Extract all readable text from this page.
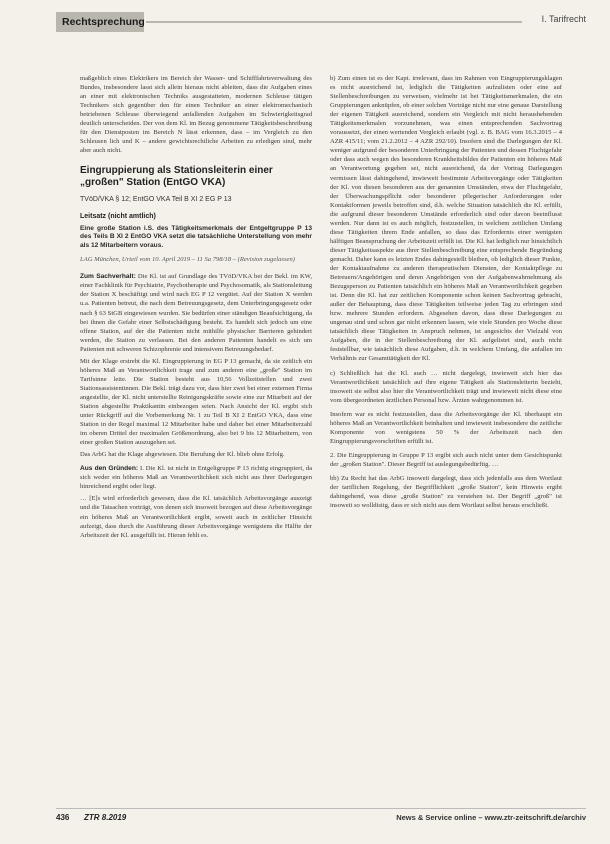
Rechtsprechung	I. Tarifrecht

maßgeblich eines Elektrikers im Bereich der Wasser- und Schifffahrtsverwaltung des Bundes, insbesondere lasst sich allein hieraus nicht ableiten, dass die Aufgaben eines an einer mit elektronischen Techniks ausgestatteten, modernen Schleuse tätigen Technikers sich gegenüber den für einen Techniker an einer elektromechanisch betriebenen Schleuse überwiegend anfallenden Aufgaben im Schwierigkeitsgrad deutlich unterscheiden. Der von dem Kl. im Bezug genommene Tätigkeitsbeschreibung für den Dienstposten im Bereich N lässt erkennen, dass – im Vergleich zu den Schleusen lich und K – andere gewichtsrechtliche Arbeiten zu erledigen sind, mehr aber auch nicht.

Eingruppierung als Stationsleiterin einer „großen" Station (EntGO VKA)
TVöD/VKA § 12; EntGO VKA Teil B XI 2 EG P 13
Leitsatz (nicht amtlich)
Eine große Station i.S. des Tätigkeitsmerkmals der Entgeltgruppe P 13 des Teils B XI 2 EntGO VKA setzt die tatsächliche Unterstellung von mehr als 12 Mitarbeitern voraus.
LAG München, Urteil vom 10. April 2019 – 11 Sa 798/18 – (Revision zugelassen)

Zum Sachverhalt: Die Kl. ist auf Grundlage des TVöD/VKA bei der Bekl. im KW, einer Fachklinik für Psychiatrie, Psychotherapie und Psychosomatik, als Stationsleitung der Station X beschäftigt und wird nach EG P 12 vergütet. Auf der Station X werden u.a. Patienten betreut, die nach dem Betreuungsgesetz, dem Unterbringungsgesetz oder nach § 63 StGB eingewiesen wurden. Sie bedürfen einer ständigen Beaufsichtigung, da bei ihnen die Gefahr einer Selbstschädigung besteht. Es handelt sich jedoch um eine offene Station, auf der die Patienten nicht mithilfe physischer Barrieren gehindert werden, die Station zu verlassen. Bei den anderen Patienten handelt es sich um Patienten mit schweren Schizophrenie und intensivem Betreuungsbedarf.

Mit der Klage erstrebt die Kl. Eingruppierung in EG P 13 gemacht, da sie zeitlich ein höheres Maß an Verantwortlichkeit trage und zum anderen eine „große" Station im Tarifsinne leite. Die Station besteht aus 10,56 Vollzeitstellen und zwei Stationsassistentinnen. Die Bekl. trägt dazu vor, dass hier zwei bei einer externen Firma angestellte, der Kl. nicht unterstellte Reinigungskräfte sowie eine zur Mitarbeit auf der Station abgestellte Praktikantin einbezogen seien. Nach Ansicht der Kl. ergibt sich unter Rückgriff auf die Vorbemerkung Nr. 1 zu Teil B XI 2 EntGO VKA, dass eine Station in der Regel maximal 12 Mitarbeiter habe und daher bei einer Mitarbeiterzahl im oberen Drittel der maximalen Größenordnung, also bei 9 bis 12 Mitarbeitern, von einer großen Station auszugehen sei.

Das ArbG hat die Klage abgewiesen. Die Berufung der Kl. blieb ohne Erfolg.

Aus den Gründen: I. Die Kl. ist nicht in Entgeltgruppe P 13 richtig eingruppiert, da sich weder ein höheres Maß an Verantwortlichkeit sich nicht aus ihrer Darlegungen hinreichend ergibt oder liegt.

… [E]s wird erforderlich gewesen, dass die Kl. tatsächlich Arbeitsvorgänge auszeigt und die Tatsachen vorträgt, von denen sich insoweit bezogen auf diese Arbeitsvorgänge ein höheres Maß an Verantwortlichkeit ergibt, soweit auch in zeitlicher Hinsicht aufzeigt, dass durch die Ausführung dieser Arbeitsvorgänge wenigstens die Hälfte der Arbeitszeit der Kl. ausgefüllt ist. Hieran fehlt es.

b) Zum einen ist es der Kapt. irrelevant, dass im Rahmen von Eingruppierungsklagen es nicht ausreichend ist, lediglich die Tätigkeiten aufzulisten oder eine auf Stellenbeschreibungen zu verweisen, vielmehr ist bei Tätigkeitsmerkmalen, die ein Gruppierungen anknüpfen, ob einer solchen Vorträge nicht nur eine genaue Darstellung der eigenen Tätigkeit ausreichend, sondern ein Vergleich mit nicht heraushebenden Tätigkeitsmerkmalen vorzunehmen, was einen entsprechenden Sachvortrag voraussetzt, der einen wertenden Vergleich erlaubt (vgl. z. B. BAG vom 16.3.2015 – 4 AZR 415/11; vom 21.2.2012 – 4 AZR 292/10). Insofern sind die Darlegungen der Kl. weniger aufgrund der besonderen Unterbringung der Patienten und dessen Fluchtgefahr oder dass auch wegen des besonderen Krankheitsbildes der Patienten ein höheres Maß an Verantwortung gegeben sei, nicht ausreichend, da der Vortrag Darlegungen vermissen lässt dahingehend, inwieweit bestimmte Arbeitsvorgänge oder Tätigkeiten der Kl. von diesen besonderen aus der genannten Umständen, etwa der Fluchtgefahr, der Überwachungspflicht oder besonderer pflegerischer Anforderungen oder Kontaktformen jeweils betroffen sind, d.h. welche Situation tatsächlich die Kl. erfüllt, die aufgrund dieser besonderen Umstände erforderlich sind oder davon beeinflusst werden. Nur dann ist es auch möglich, festzustellen, in welchem zeitlichen Umfang diese Tätigkeiten ihrem Ende anfallen, so dass das Erfordernis einer wenigsten hälftigen Beanspruchung der Arbeitszeit erfüllt ist. Die Kl. hat lediglich nur hinsichtlich dieser Tätigkeitsaspekte aus ihrer Stellenbeschreibung eine entsprechende Begründung gemacht. Daher kann es letzten Endes dahingestellt bleiben, ob lediglich dieser Punkte, der Kontaktaufnahme zu anderen therapeutischen Diensten, der Kontaktpflege zu Betreuern/Angehörigen und deren Angehörigen von der Aufgabenwahrnehmung als Bezugsperson zu Patienten tatsächlich ein höheres Maß an Verantwortlichkeit gegeben ist. Denn die Kl. hat zur zeitlichen Komponente schon keinen Sachvortrag gebracht, außer der Behauptung, dass diese Tätigkeiten teilweise jeden Tag zu erbringen sind bzw. mehrere Stunden erfordern. Abgesehen davon, dass diese Darlegungen zu ungenau sind und schon gar nicht erkennen lassen, wie viele Stunden pro Woche diese tatsächlich diese Tätigkeiten in Anspruch nehmen, ist angesichts der Vielzahl von Aufgaben, die in der Stellenbeschreibung der Kl. aufgelistet sind, auch nicht feststellbar, wie tatsächlich diese Aufgaben, d.h. in welchem Umfang, die anfallen im Verhältnis zur Gesamttätigkeit der Kl.

c) Schließlich hat die Kl. auch … nicht dargelegt, inwieweit sich hier das Verantwortlichkeit tatsächlich auf ihre eigene Tätigkeit als Stationsleiterin bezieht, insoweit sie selbst also hier die Verantwortlichkeit trägt und inwieweit nicht diese eine vom übergeordneten ärztlichen Personal bzw. Ärzten wahrgenommen ist.

Insofern war es nicht festzustellen, dass die Arbeitsvorgänge der Kl. überhaupt ein höheres Maß an Verantwortlichkeit beinhalten und inwieweit insbesondere die zeitliche Komponente von wenigstens 50 % der Arbeitszeit nach den Eingruppierungsvorschriften erfüllt ist.

2. Die Eingruppierung in Gruppe P 13 ergibt sich auch nicht unter dem Gesichtspunkt der „großen Station". Dieser Begriff ist auslegungsbedürftig. …

bb) Zu Recht hat das ArbG insoweit dargelegt, dass sich jedenfalls aus dem Wortlaut der tariflichen Regelung, der Begrifflichkeit „große Station", kein Hinweis ergibt dahingehend, was diese „große Station" zu verstehen ist. Der Begriff „groß" ist insoweit so wolldisitg, dass er sich nicht aus dem Wortlaut selbst heraus erschließt.

436 ZTR 8.2019	News & Service online – www.ztr-zeitschrift.de/archiv
